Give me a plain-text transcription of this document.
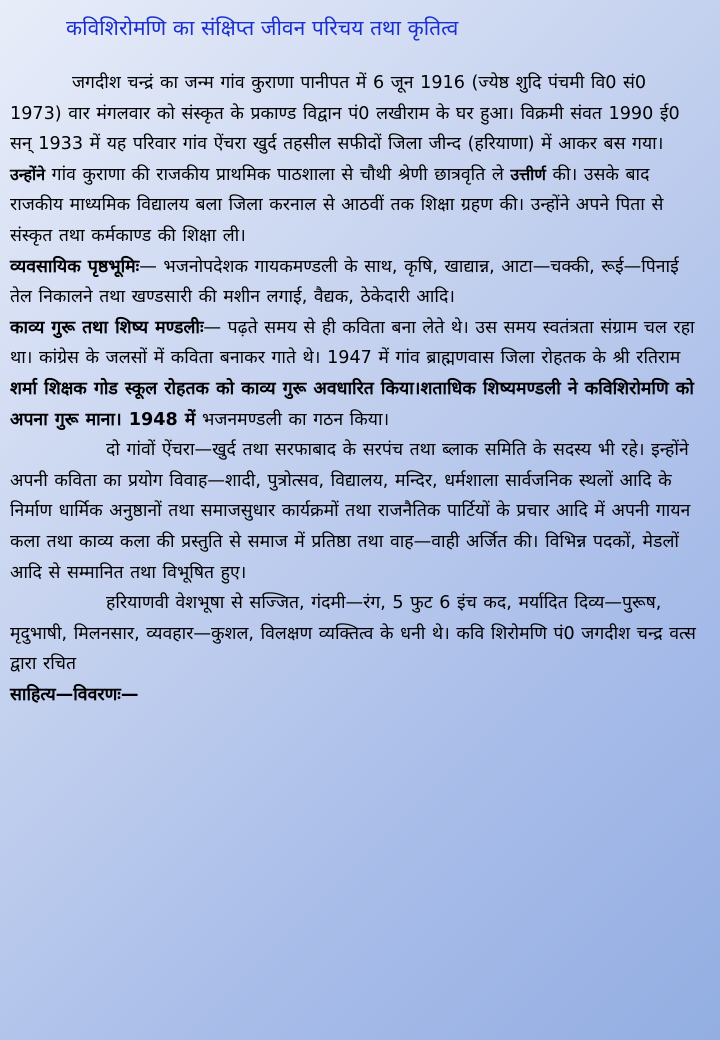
कविशिरोमणि का संक्षिप्त जीवन परिचय तथा कृतित्व

जगदीश चन्द्रं का जन्म गांव कुराणा पानीपत में 6 जून 1916 (ज्येष्ठ शुदि पंचमी वि0 सं0 1973) वार मंगलवार को संस्कृत के प्रकाण्ड विद्वान पं0 लखीराम के घर हुआ। विक्रमी संवत 1990 ई0 सन् 1933 में यह परिवार गांव ऐंचरा खुर्द तहसील सफीदों जिला जीन्द (हरियाणा) में आकर बस गया।

उन्होंने गांव कुराणा की राजकीय प्राथमिक पाठशाला से चौथी श्रेणी छात्रवृति ले उत्तीर्ण की। उसके बाद राजकीय माध्यमिक विद्यालय बला जिला करनाल से आठवीं तक शिक्षा ग्रहण की। उन्होंने अपने पिता से संस्कृत तथा कर्मकाण्ड की शिक्षा ली।

व्यवसायिक पृष्ठभूमिः— भजनोपदेशक गायकमण्डली के साथ, कृषि, खाद्यान्न, आटा—चक्की, रूई—पिनाई तेल निकालने तथा खण्डसारी की मशीन लगाई, वैद्यक, ठेकेदारी आदि।

काव्य गुरू तथा शिष्य मण्डलीः— पढ़ते समय से ही कविता बना लेते थे। उस समय स्वतंत्रता संग्राम चल रहा था। कांग्रेस के जलसों में कविता बनाकर गाते थे। 1947 में गांव ब्राह्मणवास जिला रोहतक के श्री रतिराम शर्मा शिक्षक गोड स्कूल रोहतक को काव्य गुरू अवधारित किया।शताधिक शिष्यमण्डली ने कविशिरोमणि को अपना गुरू माना। 1948 में भजनमण्डली का गठन किया।

दो गांवों ऐंचरा—खुर्द तथा सरफाबाद के सरपंच तथा ब्लाक समिति के सदस्य भी रहे। इन्होंने अपनी कविता का प्रयोग विवाह—शादी, पुत्रोत्सव, विद्यालय, मन्दिर, धर्मशाला सार्वजनिक स्थलों आदि के निर्माण धार्मिक अनुष्ठानों तथा समाजसुधार कार्यक्रमों तथा राजनैतिक पार्टियों के प्रचार आदि में अपनी गायन कला तथा काव्य कला की प्रस्तुति से समाज में प्रतिष्ठा तथा वाह—वाही अर्जित की। विभिन्न पदकों, मेडलों आदि से सम्मानित तथा विभूषित हुए।

हरियाणवी वेशभूषा से सज्जित, गंदमी—रंग, 5 फुट 6 इंच कद, मर्यादित दिव्य—पुरूष, मृदुभाषी, मिलनसार, व्यवहार—कुशल, विलक्षण व्यक्तित्व के धनी थे। कवि शिरोमणि पं0 जगदीश चन्द्र वत्स द्वारा रचित

साहित्य—विवरणः—
